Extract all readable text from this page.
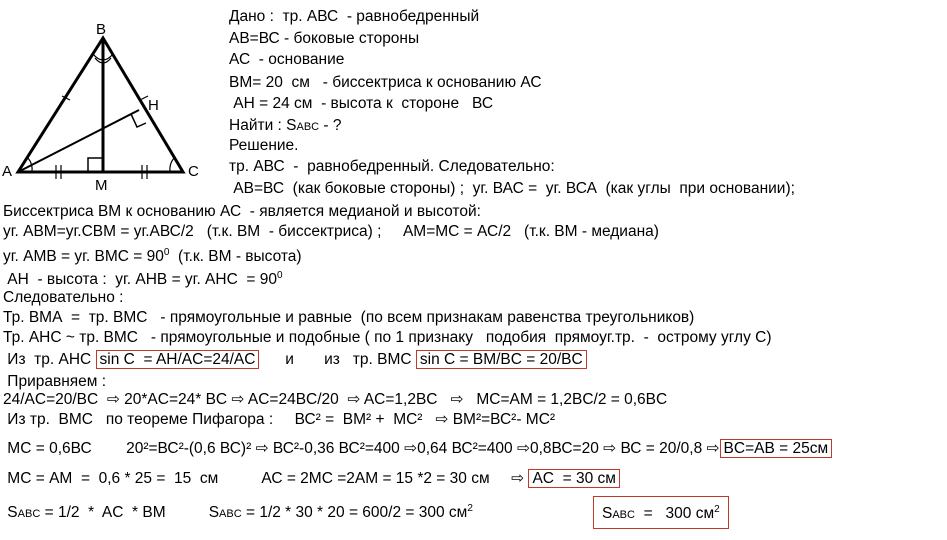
B
H
A
M
C
Дано :  тр. АВС  - равнобедренный
АВ=ВС - боковые стороны
АС  - основание
ВМ= 20  см   - биссектриса к основанию АС
АН = 24 см  - высота к  стороне   ВС
Найти : SABC - ?
Решение.
тр. АВС  -  равнобедренный. Следовательно:
АВ=ВС  (как боковые стороны) ;  уг. ВАС =  уг. ВСА  (как углы  при основании);
Биссектриса ВМ к основанию АС  - является медианой и высотой:
уг. АВМ=уг.СВМ = уг.АВС/2   (т.к. ВМ  - биссектриса) ;     АМ=МС = АС/2   (т.к. ВМ - медиана)
уг. АМВ = уг. ВМС = $90^0$  (т.к. ВМ - высота)
АН  - высота :  уг. АНВ = уг. АНС  = $90^0$
Следовательно :
Тр. ВМА  =  тр. ВМС   - прямоугольные и равные  (по всем признакам равенства треугольников)
Тр. АНС ~ тр. ВМС   - прямоугольные и подобные ( по 1 признаку   подобия  прямоуг.тр.  -  острому углу С)
Из  тр. АНС sin C  = AH/AC=24/AC      и       из   тр. ВМС sin C = BM/BC = 20/BC
Приравняем :
24/AC=20/BC  ⇨ 20*AC=24* BC ⇨ AC=24BC/20  ⇨ AC=1,2BC   ⇨   MC=AM = 1,2BC/2 = 0,6BC
Из тр.  ВМС   по теореме Пифагора :     ВС² =  ВМ² +  МС²   ⇨ ВМ²=ВС²- МС²
МС = 0,6ВС        20²=ВС²-(0,6 ВС)² ⇨ ВС²-0,36 ВС²=400 ⇨0,64 ВС²=400 ⇨0,8ВС=20 ⇨ ВС = 20/0,8 ⇨ BC=AB = 25см
МС = АМ  =  0,6 * 25 =  15  см          АС = 2МС =2АМ = 15 *2 = 30 см     ⇨ AC  = 30 см
SABC = 1/2  *  AC  * BM          SABC = 1/2 * 30 * 20 = 600/2 = 300 $см^2$	SABC  =   300 $см^2$
